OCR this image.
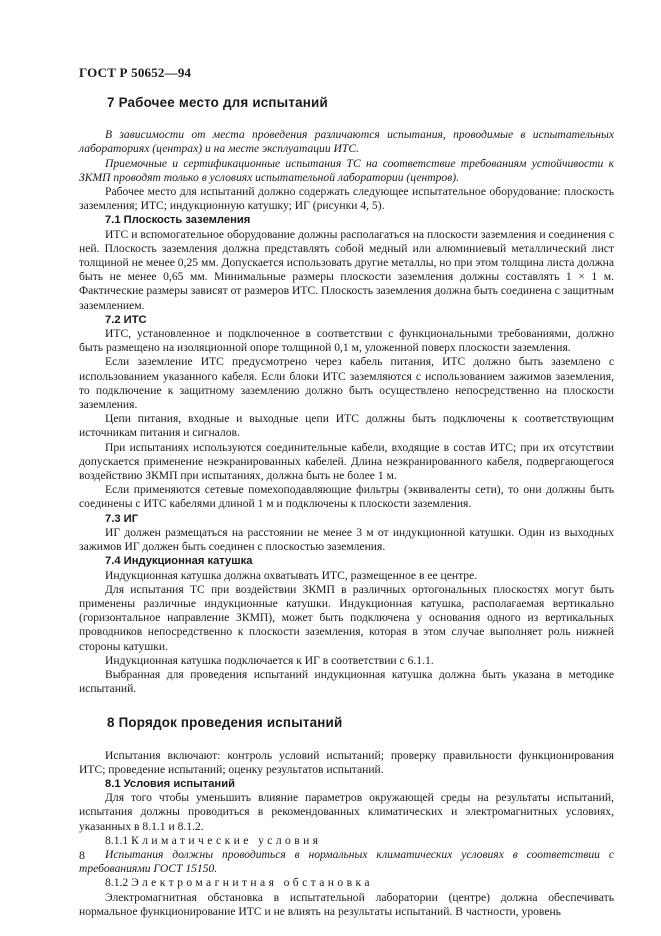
ГОСТ Р 50652—94
7 Рабочее место для испытаний

В зависимости от места проведения различаются испытания, проводимые в испытательных лабораториях (центрах) и на месте эксплуатации ИТС.

Приемочные и сертификационные испытания ТС на соответствие требованиям устойчивости к ЗКМП проводят только в условиях испытательной лаборатории (центров).

Рабочее место для испытаний должно содержать следующее испытательное оборудование: плоскость заземления; ИТС; индукционную катушку; ИГ (рисунки 4, 5).

7.1 Плоскость заземления

ИТС и вспомогательное оборудование должны располагаться на плоскости заземления и соединения с ней. Плоскость заземления должна представлять собой медный или алюминиевый металлический лист толщиной не менее 0,25 мм. Допускается использовать другие металлы, но при этом толщина листа должна быть не менее 0,65 мм. Минимальные размеры плоскости заземления должны составлять 1 × 1 м. Фактические размеры зависят от размеров ИТС. Плоскость заземления должна быть соединена с защитным заземлением.

7.2 ИТС

ИТС, установленное и подключенное в соответствии с функциональными требованиями, должно быть размещено на изоляционной опоре толщиной 0,1 м, уложенной поверх плоскости заземления.

Если заземление ИТС предусмотрено через кабель питания, ИТС должно быть заземлено с использованием указанного кабеля. Если блоки ИТС заземляются с использованием зажимов заземления, то подключение к защитному заземлению должно быть осуществлено непосредственно на плоскости заземления.

Цепи питания, входные и выходные цепи ИТС должны быть подключены к соответствующим источникам питания и сигналов.

При испытаниях используются соединительные кабели, входящие в состав ИТС; при их отсутствии допускается применение неэкранированных кабелей. Длина неэкранированного кабеля, подвергающегося воздействию ЗКМП при испытаниях, должна быть не более 1 м.

Если применяются сетевые помехоподавляющие фильтры (эквиваленты сети), то они должны быть соединены с ИТС кабелями длиной 1 м и подключены к плоскости заземления.

7.3 ИГ

ИГ должен размещаться на расстоянии не менее 3 м от индукционной катушки. Один из выходных зажимов ИГ должен быть соединен с плоскостью заземления.

7.4 Индукционная катушка

Индукционная катушка должна охватывать ИТС, размещенное в ее центре.

Для испытания ТС при воздействии ЗКМП в различных ортогональных плоскостях могут быть применены различные индукционные катушки. Индукционная катушка, располагаемая вертикально (горизонтальное направление ЗКМП), может быть подключена у основания одного из вертикальных проводников непосредственно к плоскости заземления, которая в этом случае выполняет роль нижней стороны катушки.

Индукционная катушка подключается к ИГ в соответствии с 6.1.1.

Выбранная для проведения испытаний индукционная катушка должна быть указана в методике испытаний.

8 Порядок проведения испытаний

Испытания включают: контроль условий испытаний; проверку правильности функционирования ИТС; проведение испытаний; оценку результатов испытаний.

8.1 Условия испытаний

Для того чтобы уменьшить влияние параметров окружающей среды на результаты испытаний, испытания должны проводиться в рекомендованных климатических и электромагнитных условиях, указанных в 8.1.1 и 8.1.2.

8.1.1 Климатические условия

Испытания должны проводиться в нормальных климатических условиях в соответствии с требованиями ГОСТ 15150.

8.1.2 Электромагнитная обстановка

Электромагнитная обстановка в испытательной лаборатории (центре) должна обеспечивать нормальное функционирование ИТС и не влиять на результаты испытаний. В частности, уровень

8
